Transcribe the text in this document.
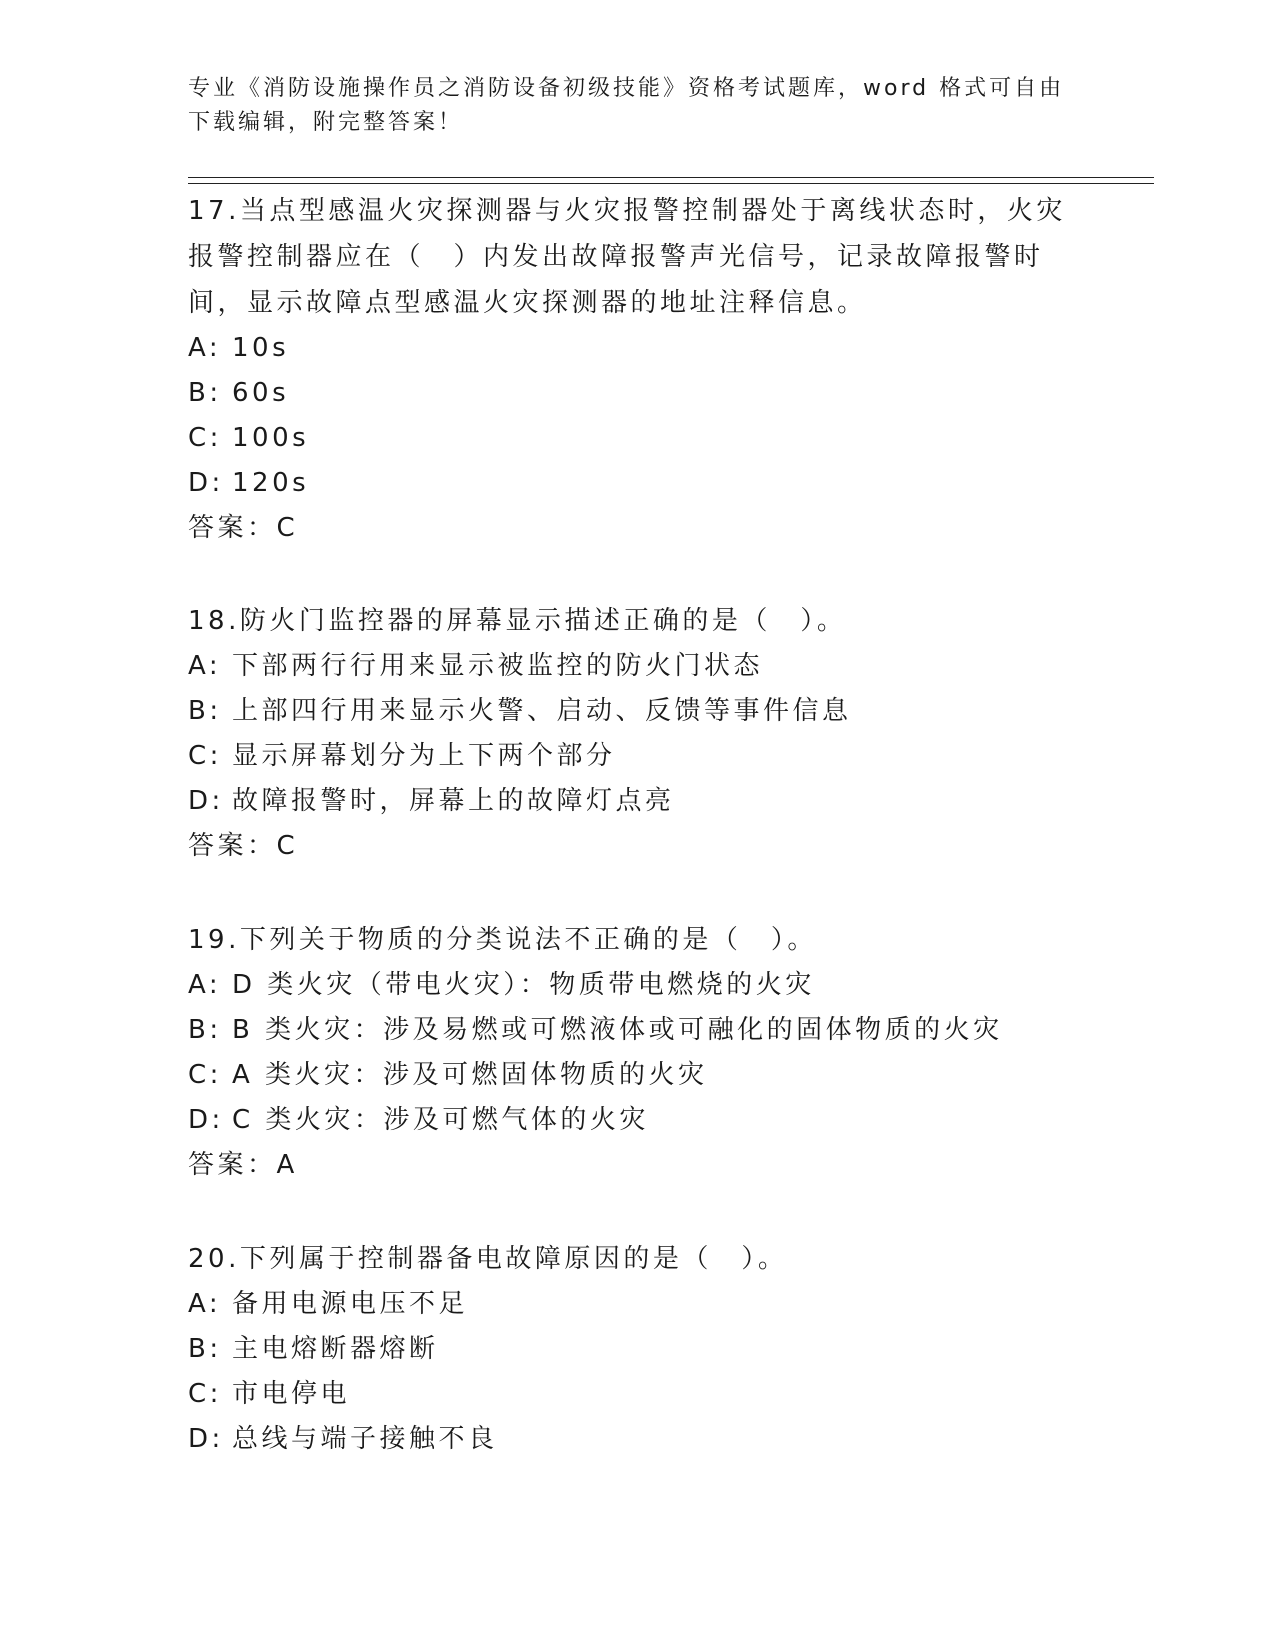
专业《消防设施操作员之消防设备初级技能》资格考试题库，word 格式可自由下载编辑，附完整答案！
17.当点型感温火灾探测器与火灾报警控制器处于离线状态时，火灾报警控制器应在（　）内发出故障报警声光信号，记录故障报警时间，显示故障点型感温火灾探测器的地址注释信息。
A: 10s
B: 60s
C: 100s
D: 120s
答案：C
18.防火门监控器的屏幕显示描述正确的是（　）。
A: 下部两行行用来显示被监控的防火门状态
B: 上部四行用来显示火警、启动、反馈等事件信息
C: 显示屏幕划分为上下两个部分
D: 故障报警时，屏幕上的故障灯点亮
答案：C
19.下列关于物质的分类说法不正确的是（　）。
A: D 类火灾（带电火灾）：物质带电燃烧的火灾
B: B 类火灾：涉及易燃或可燃液体或可融化的固体物质的火灾
C: A 类火灾：涉及可燃固体物质的火灾
D: C 类火灾：涉及可燃气体的火灾
答案：A
20.下列属于控制器备电故障原因的是（　）。
A: 备用电源电压不足
B: 主电熔断器熔断
C: 市电停电
D: 总线与端子接触不良
